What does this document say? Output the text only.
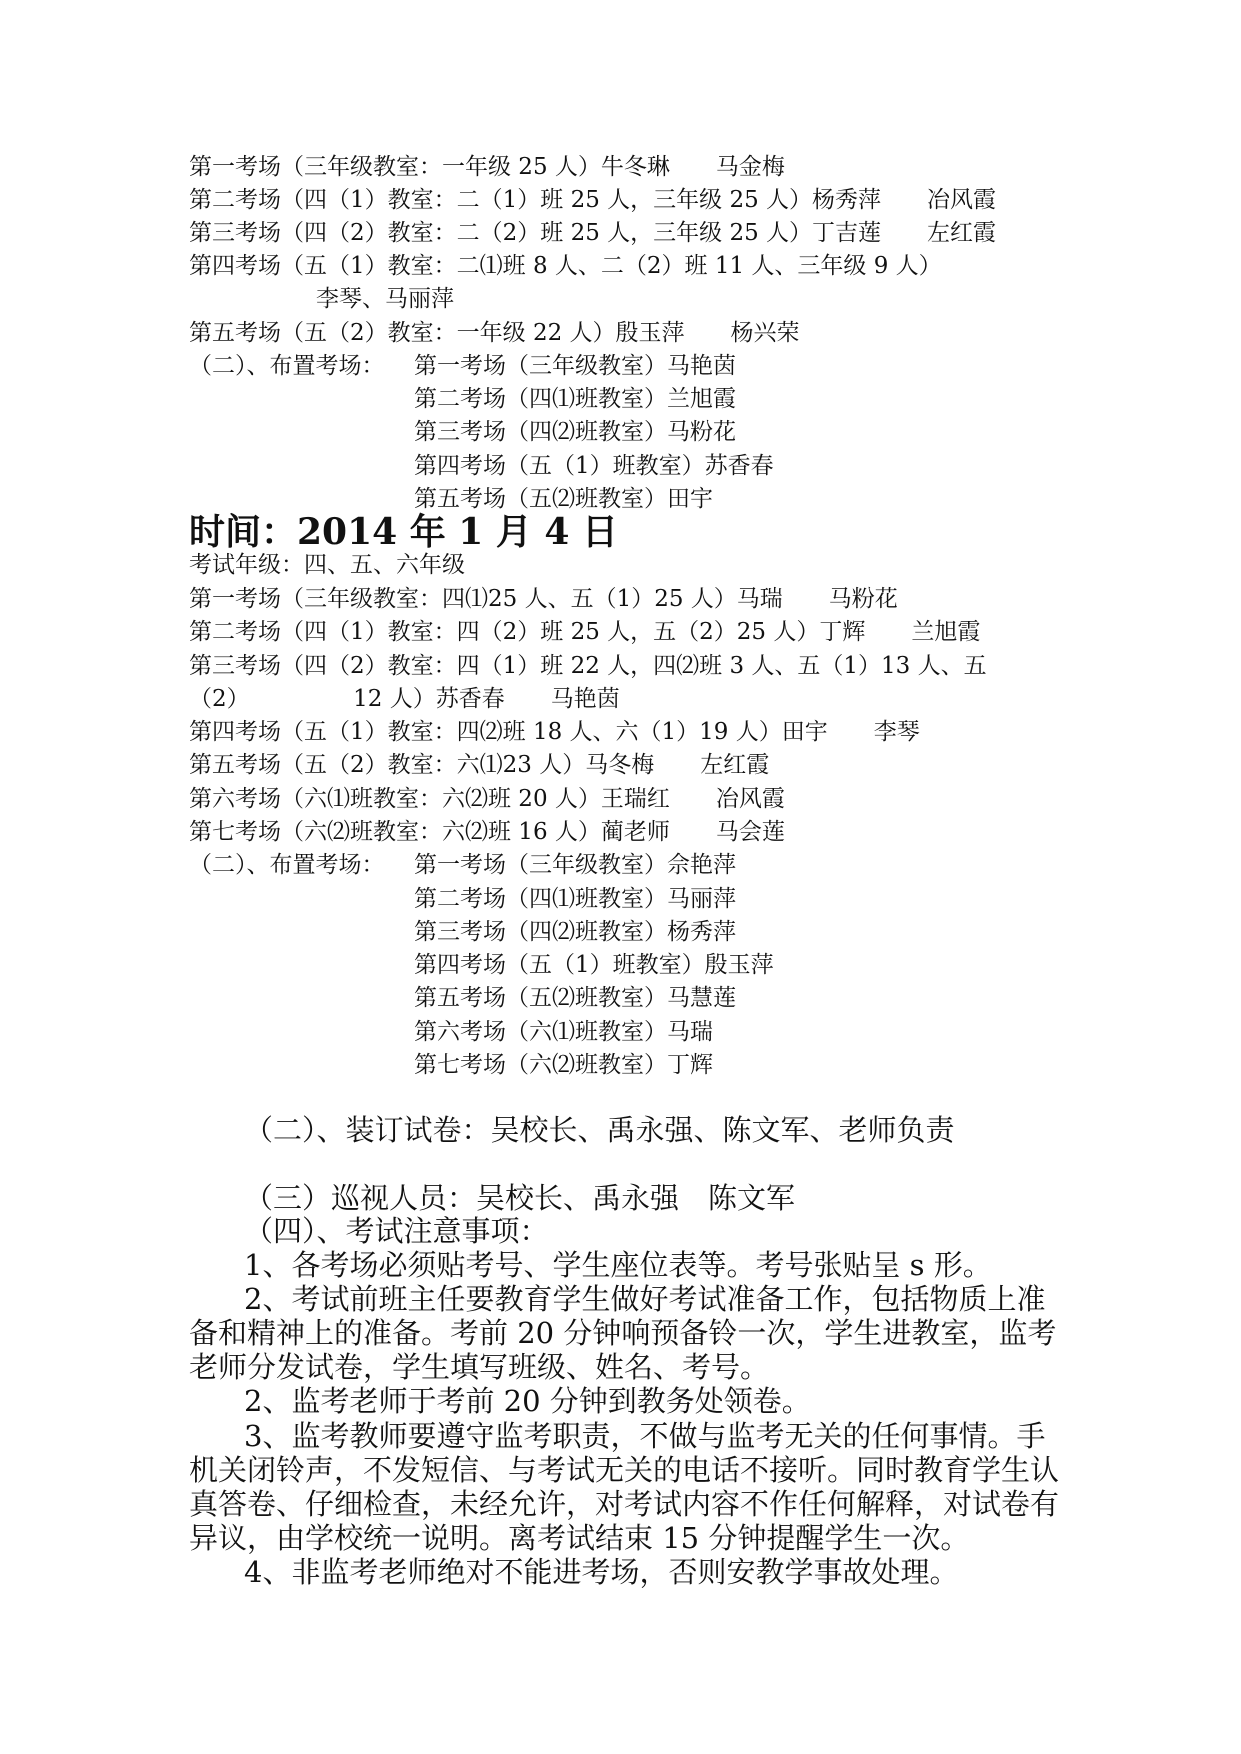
第一考场（三年级教室：一年级 25 人）牛冬琳　　马金梅
第二考场（四（1）教室：二（1）班 25 人，三年级 25 人）杨秀萍　　冶风霞
第三考场（四（2）教室：二（2）班 25 人，三年级 25 人）丁吉莲　　左红霞
第四考场（五（1）教室：二⑴班 8 人、二（2）班 11 人、三年级 9 人）
李琴、马丽萍
第五考场（五（2）教室：一年级 22 人）殷玉萍　　杨兴荣
（二）、布置考场： 第一考场（三年级教室）马艳茵
第二考场（四⑴班教室）兰旭霞
第三考场（四⑵班教室）马粉花
第四考场（五（1）班教室）苏香春
第五考场（五⑵班教室）田宇
时间：2014 年 1 月 4 日
考试年级：四、五、六年级
第一考场（三年级教室：四⑴25 人、五（1）25 人）马瑞　　马粉花
第二考场（四（1）教室：四（2）班 25 人，五（2）25 人）丁辉　　兰旭霞
第三考场（四（2）教室：四（1）班 22 人，四⑵班 3 人、五（1）13 人、五
（2）　　　　　12 人）苏香春　　马艳茵
第四考场（五（1）教室：四⑵班 18 人、六（1）19 人）田宇　　李琴
第五考场（五（2）教室：六⑴23 人）马冬梅　　左红霞
第六考场（六⑴班教室：六⑵班 20 人）王瑞红　　冶风霞
第七考场（六⑵班教室：六⑵班 16 人）蔺老师　　马会莲
（二）、布置考场： 第一考场（三年级教室）佘艳萍
第二考场（四⑴班教室）马丽萍
第三考场（四⑵班教室）杨秀萍
第四考场（五（1）班教室）殷玉萍
第五考场（五⑵班教室）马慧莲
第六考场（六⑴班教室）马瑞
第七考场（六⑵班教室）丁辉
（二）、装订试卷：吴校长、禹永强、陈文军、老师负责
（三）巡视人员：吴校长、禹永强　陈文军
（四）、考试注意事项：
1、各考场必须贴考号、学生座位表等。考号张贴呈 s 形。
2、考试前班主任要教育学生做好考试准备工作，包括物质上准
备和精神上的准备。考前 20 分钟响预备铃一次，学生进教室，监考
老师分发试卷，学生填写班级、姓名、考号。
2、监考老师于考前 20 分钟到教务处领卷。
3、监考教师要遵守监考职责，不做与监考无关的任何事情。手
机关闭铃声，不发短信、与考试无关的电话不接听。同时教育学生认
真答卷、仔细检查，未经允许，对考试内容不作任何解释，对试卷有
异议，由学校统一说明。离考试结束 15 分钟提醒学生一次。
4、非监考老师绝对不能进考场，否则安教学事故处理。
